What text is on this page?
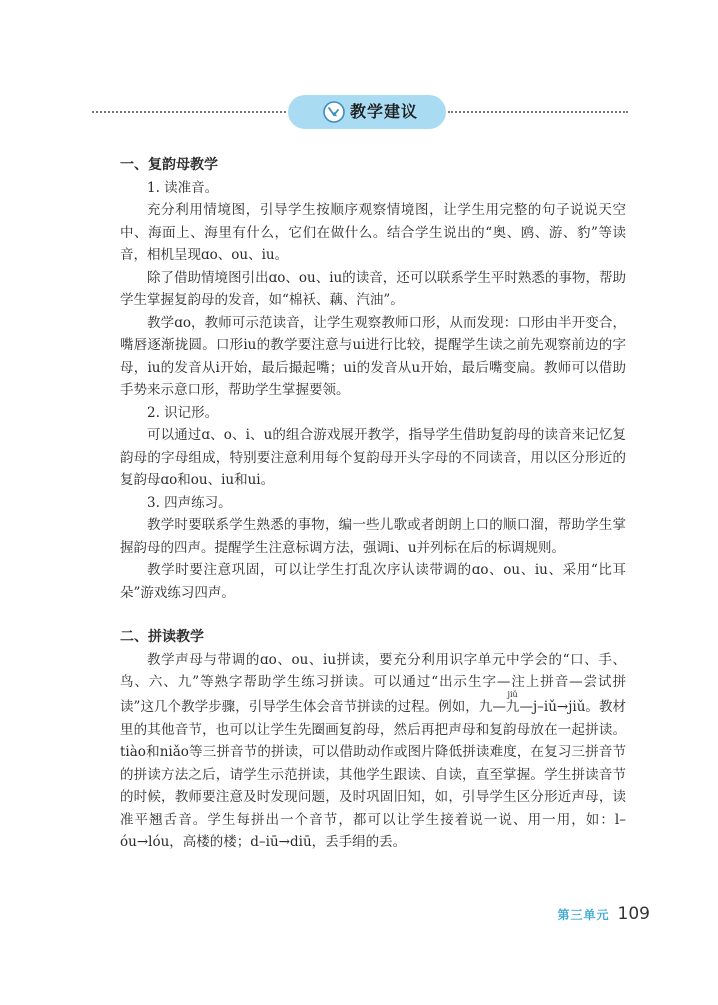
教学建议

一、复韵母教学

1. 读准音。

充分利用情境图，引导学生按顺序观察情境图，让学生用完整的句子说说天空中、海面上、海里有什么，它们在做什么。结合学生说出的“奥、鸥、游、豹”等读音，相机呈现ɑo、ou、iu。

除了借助情境图引出ɑo、ou、iu的读音，还可以联系学生平时熟悉的事物，帮助学生掌握复韵母的发音，如“棉袄、藕、汽油”。

教学ɑo，教师可示范读音，让学生观察教师口形，从而发现：口形由半开变合，嘴唇逐渐拢圆。口形iu的教学要注意与ui进行比较，提醒学生读之前先观察前边的字母，iu的发音从i开始，最后撮起嘴；ui的发音从u开始，最后嘴变扁。教师可以借助手势来示意口形，帮助学生掌握要领。

2. 识记形。

可以通过ɑ、o、i、u的组合游戏展开教学，指导学生借助复韵母的读音来记忆复韵母的字母组成，特别要注意利用每个复韵母开头字母的不同读音，用以区分形近的复韵母ɑo和ou、iu和ui。

3. 四声练习。

教学时要联系学生熟悉的事物，编一些儿歌或者朗朗上口的顺口溜，帮助学生掌握韵母的四声。提醒学生注意标调方法，强调i、u并列标在后的标调规则。

教学时要注意巩固，可以让学生打乱次序认读带调的ɑo、ou、iu、采用“比耳朵”游戏练习四声。

二、拼读教学

教学声母与带调的ɑo、ou、iu拼读，要充分利用识字单元中学会的“口、手、鸟、六、九”等熟字帮助学生练习拼读。可以通过“出示生字—注上拼音—尝试拼读”这几个教学步骤，引导学生体会音节拼读的过程。例如，九—九jiǔ—j–iǔ→jiǔ。教材里的其他音节，也可以让学生先圈画复韵母，然后再把声母和复韵母放在一起拼读。tiào和niǎo等三拼音节的拼读，可以借助动作或图片降低拼读难度，在复习三拼音节的拼读方法之后，请学生示范拼读，其他学生跟读、自读，直至掌握。学生拼读音节的时候，教师要注意及时发现问题，及时巩固旧知，如，引导学生区分形近声母，读准平翘舌音。学生每拼出一个音节，都可以让学生接着说一说、用一用，如：l–óu→lóu，高楼的楼；d–iū→diū，丢手绢的丢。

第三单元 109
